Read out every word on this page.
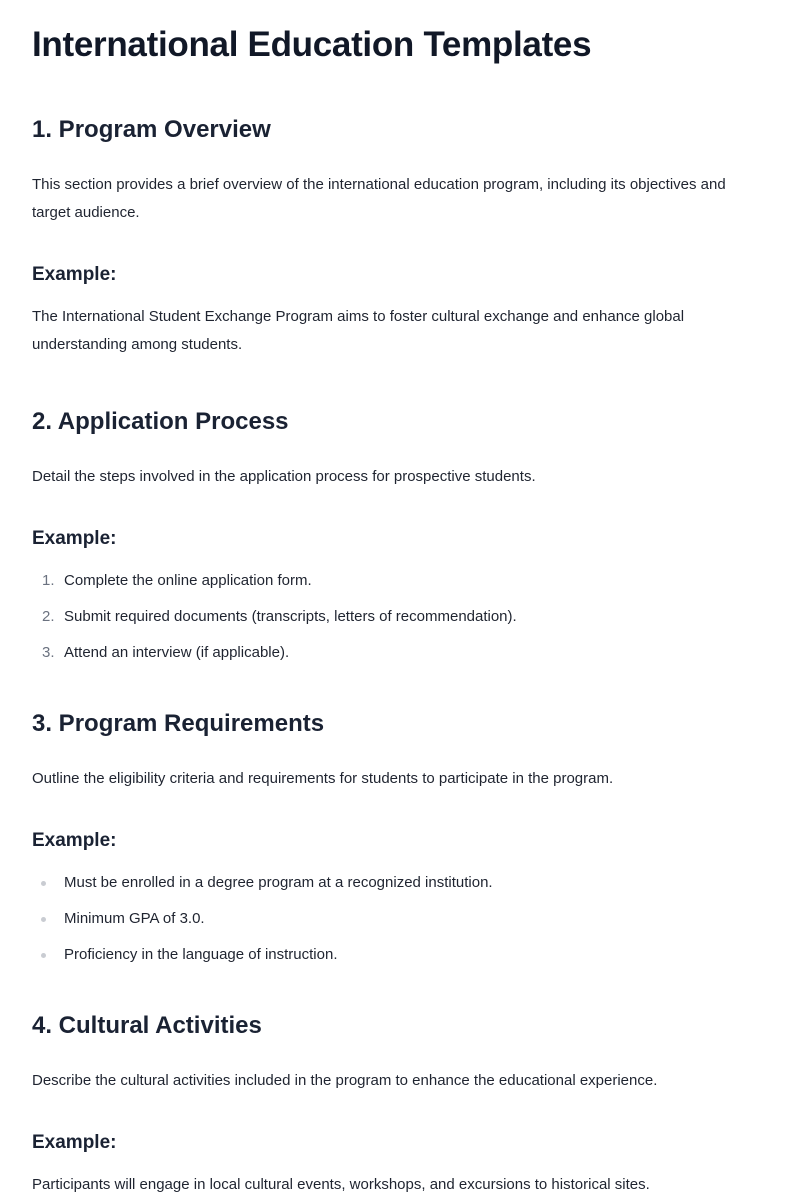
International Education Templates
1. Program Overview

This section provides a brief overview of the international education program, including its objectives and target audience.

Example:

The International Student Exchange Program aims to foster cultural exchange and enhance global understanding among students.

2. Application Process

Detail the steps involved in the application process for prospective students.

Example:
1. Complete the online application form.
2. Submit required documents (transcripts, letters of recommendation).
3. Attend an interview (if applicable).
3. Program Requirements

Outline the eligibility criteria and requirements for students to participate in the program.

Example:
Must be enrolled in a degree program at a recognized institution.
Minimum GPA of 3.0.
Proficiency in the language of instruction.
4. Cultural Activities

Describe the cultural activities included in the program to enhance the educational experience.

Example:

Participants will engage in local cultural events, workshops, and excursions to historical sites.
